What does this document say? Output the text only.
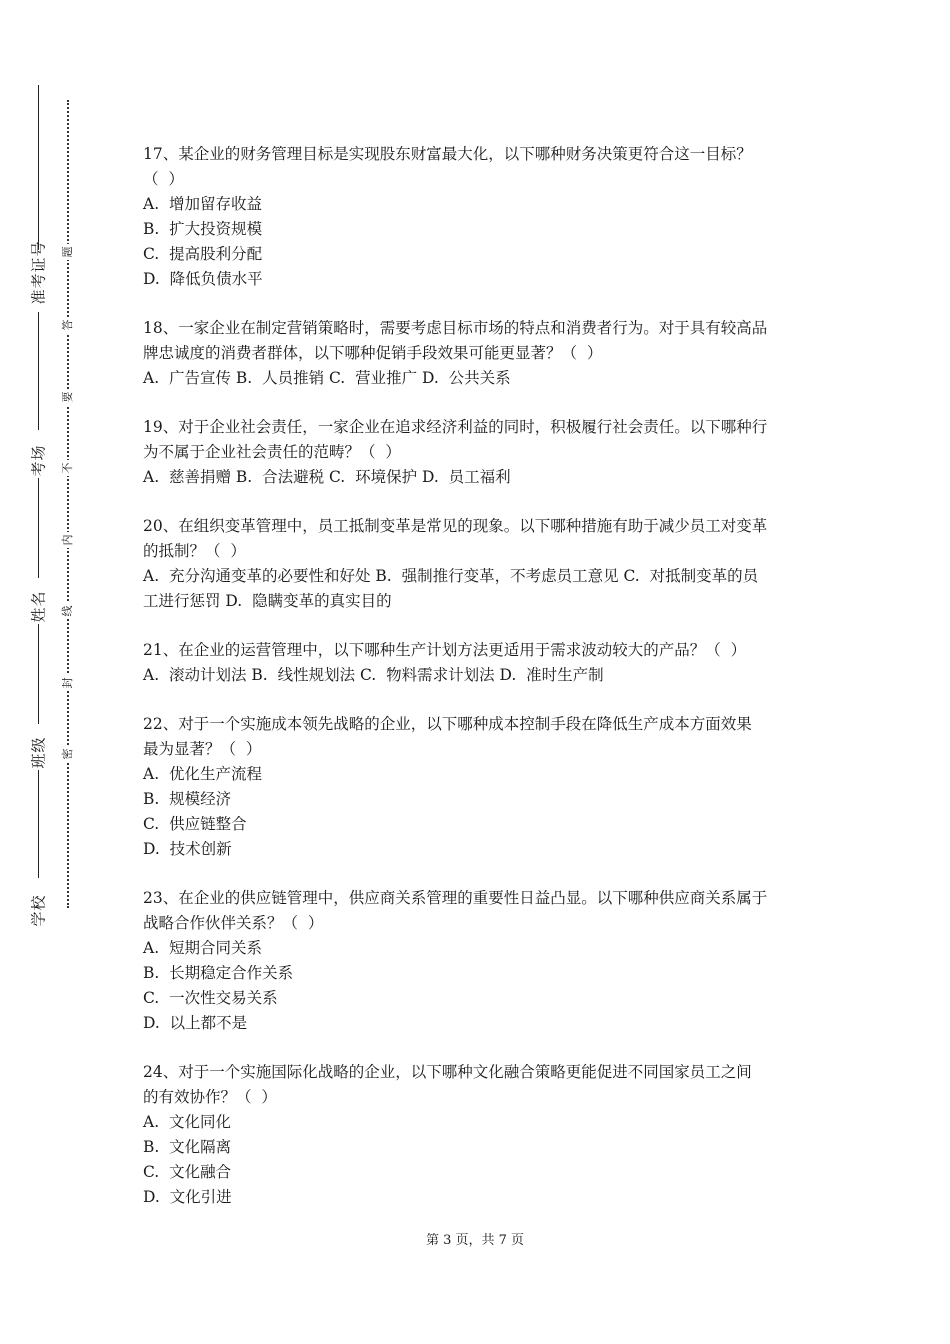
准考证号
考场
姓名
班级
学校
题
答
要
不
内
线
封
密
17、某企业的财务管理目标是实现股东财富最大化，以下哪种财务决策更符合这一目标？
（  ）
A.  增加留存收益
B.  扩大投资规模
C.  提高股利分配
D.  降低负债水平
18、一家企业在制定营销策略时，需要考虑目标市场的特点和消费者行为。对于具有较高品
牌忠诚度的消费者群体，以下哪种促销手段效果可能更显著？（  ）
A.  广告宣传 B.  人员推销 C.  营业推广 D.  公共关系
19、对于企业社会责任，一家企业在追求经济利益的同时，积极履行社会责任。以下哪种行
为不属于企业社会责任的范畴？（  ）
A.  慈善捐赠 B.  合法避税 C.  环境保护 D.  员工福利
20、在组织变革管理中，员工抵制变革是常见的现象。以下哪种措施有助于减少员工对变革
的抵制？（  ）
A.  充分沟通变革的必要性和好处 B.  强制推行变革，不考虑员工意见 C.  对抵制变革的员
工进行惩罚 D.  隐瞒变革的真实目的
21、在企业的运营管理中，以下哪种生产计划方法更适用于需求波动较大的产品？（  ）
A.  滚动计划法 B.  线性规划法 C.  物料需求计划法 D.  准时生产制
22、对于一个实施成本领先战略的企业，以下哪种成本控制手段在降低生产成本方面效果
最为显著？（  ）
A.  优化生产流程
B.  规模经济
C.  供应链整合
D.  技术创新
23、在企业的供应链管理中，供应商关系管理的重要性日益凸显。以下哪种供应商关系属于
战略合作伙伴关系？（  ）
A.  短期合同关系
B.  长期稳定合作关系
C.  一次性交易关系
D.  以上都不是
24、对于一个实施国际化战略的企业，以下哪种文化融合策略更能促进不同国家员工之间
的有效协作？（  ）
A.  文化同化
B.  文化隔离
C.  文化融合
D.  文化引进
第 3 页，共 7 页
